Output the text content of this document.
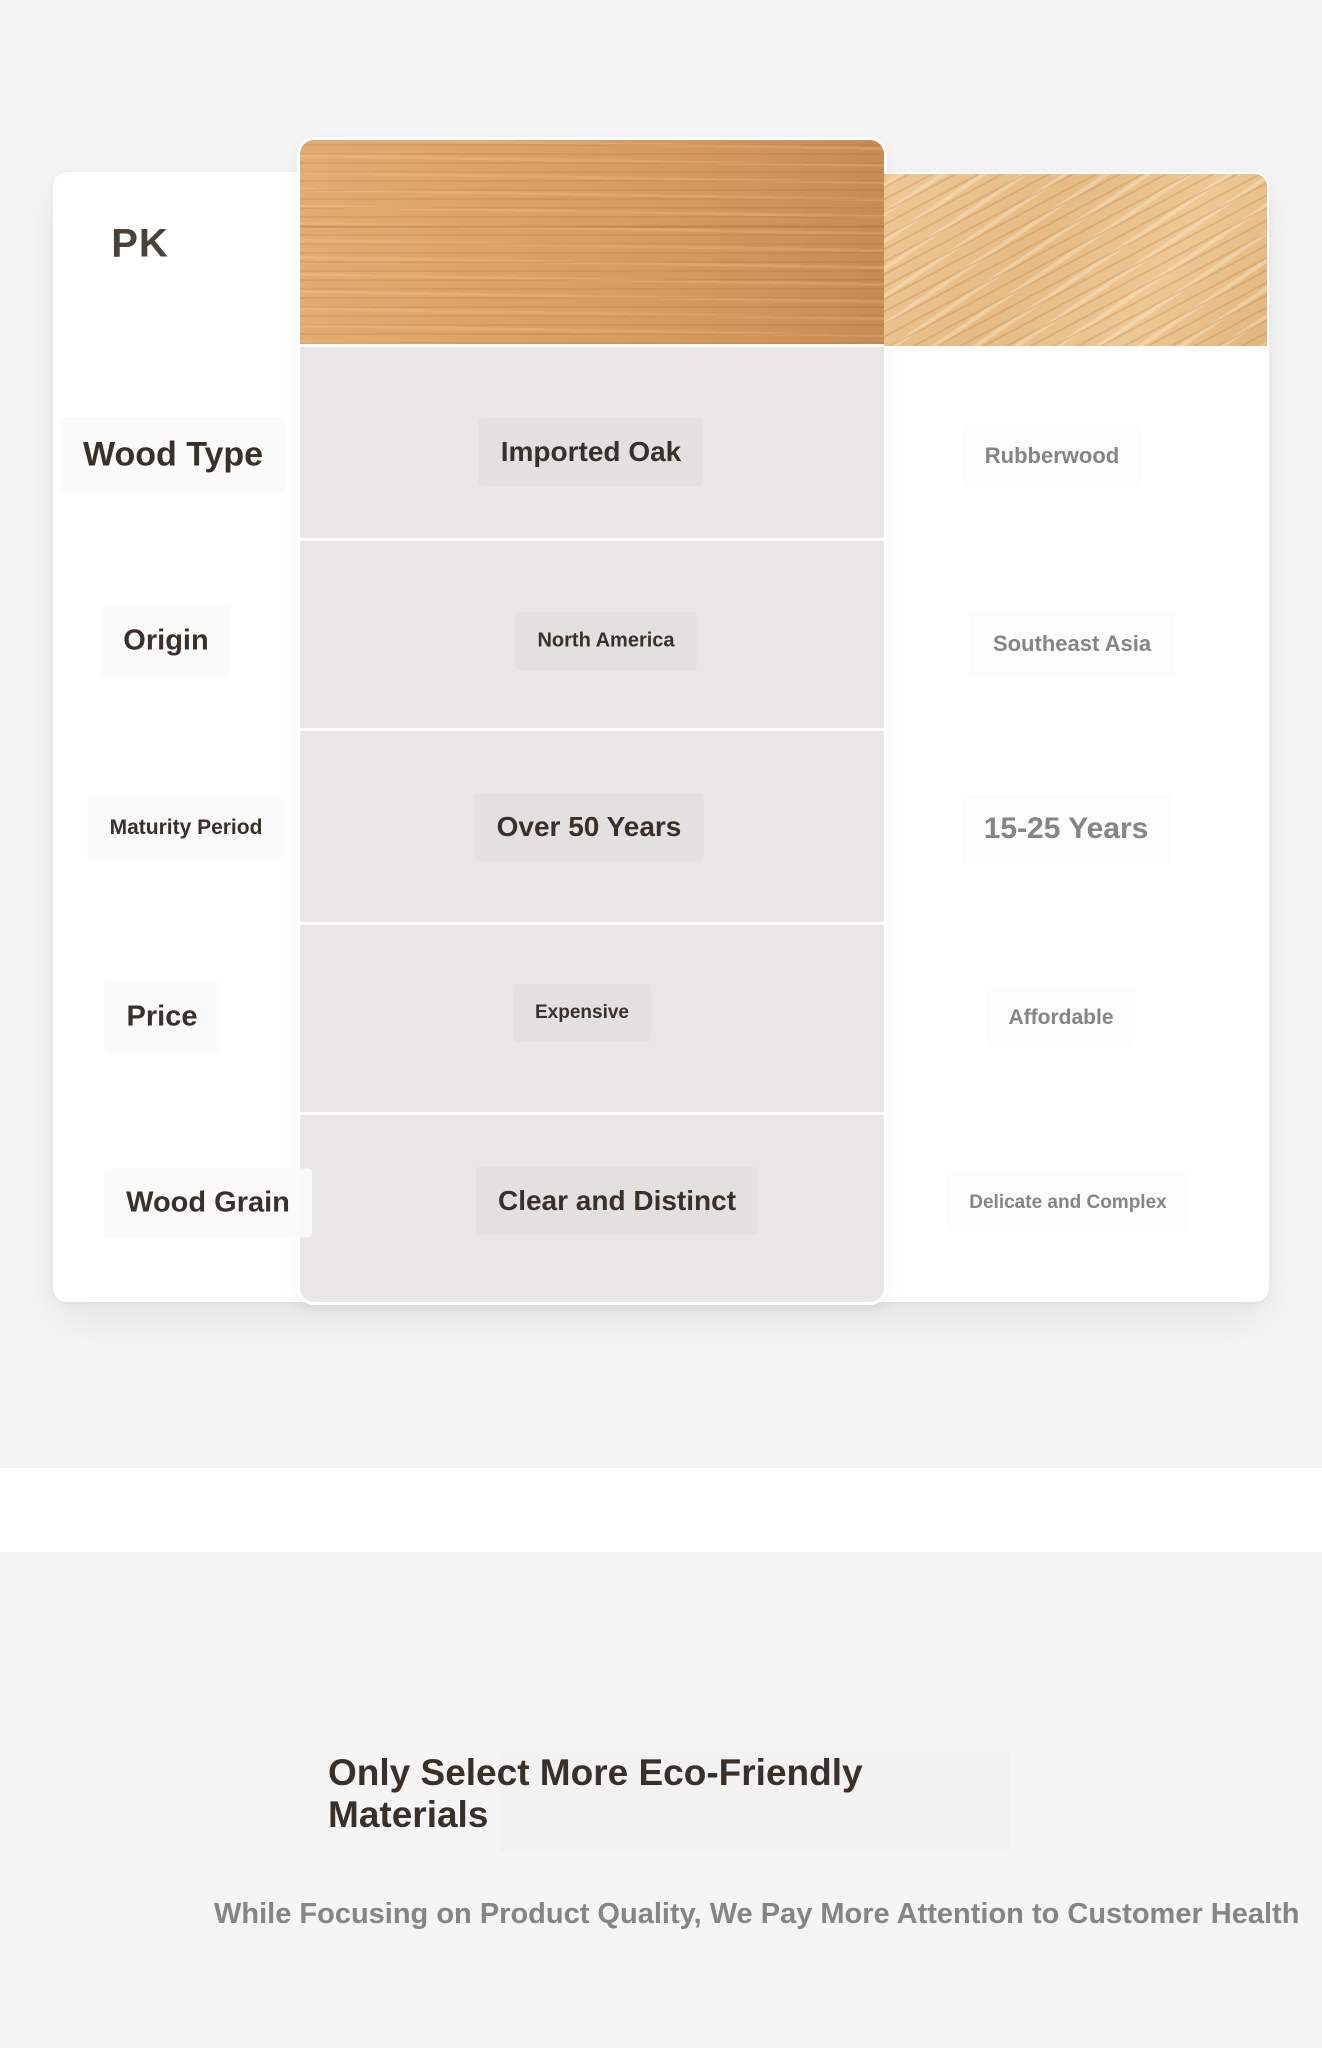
PK
Wood Type	Imported Oak	Rubberwood
Origin	North America	Southeast Asia
Maturity Period	Over 50 Years	15-25 Years
Price	Expensive	Affordable
Wood Grain	Clear and Distinct	Delicate and Complex
Only Select More Eco-Friendly Materials
While Focusing on Product Quality, We Pay More Attention to Customer Health
